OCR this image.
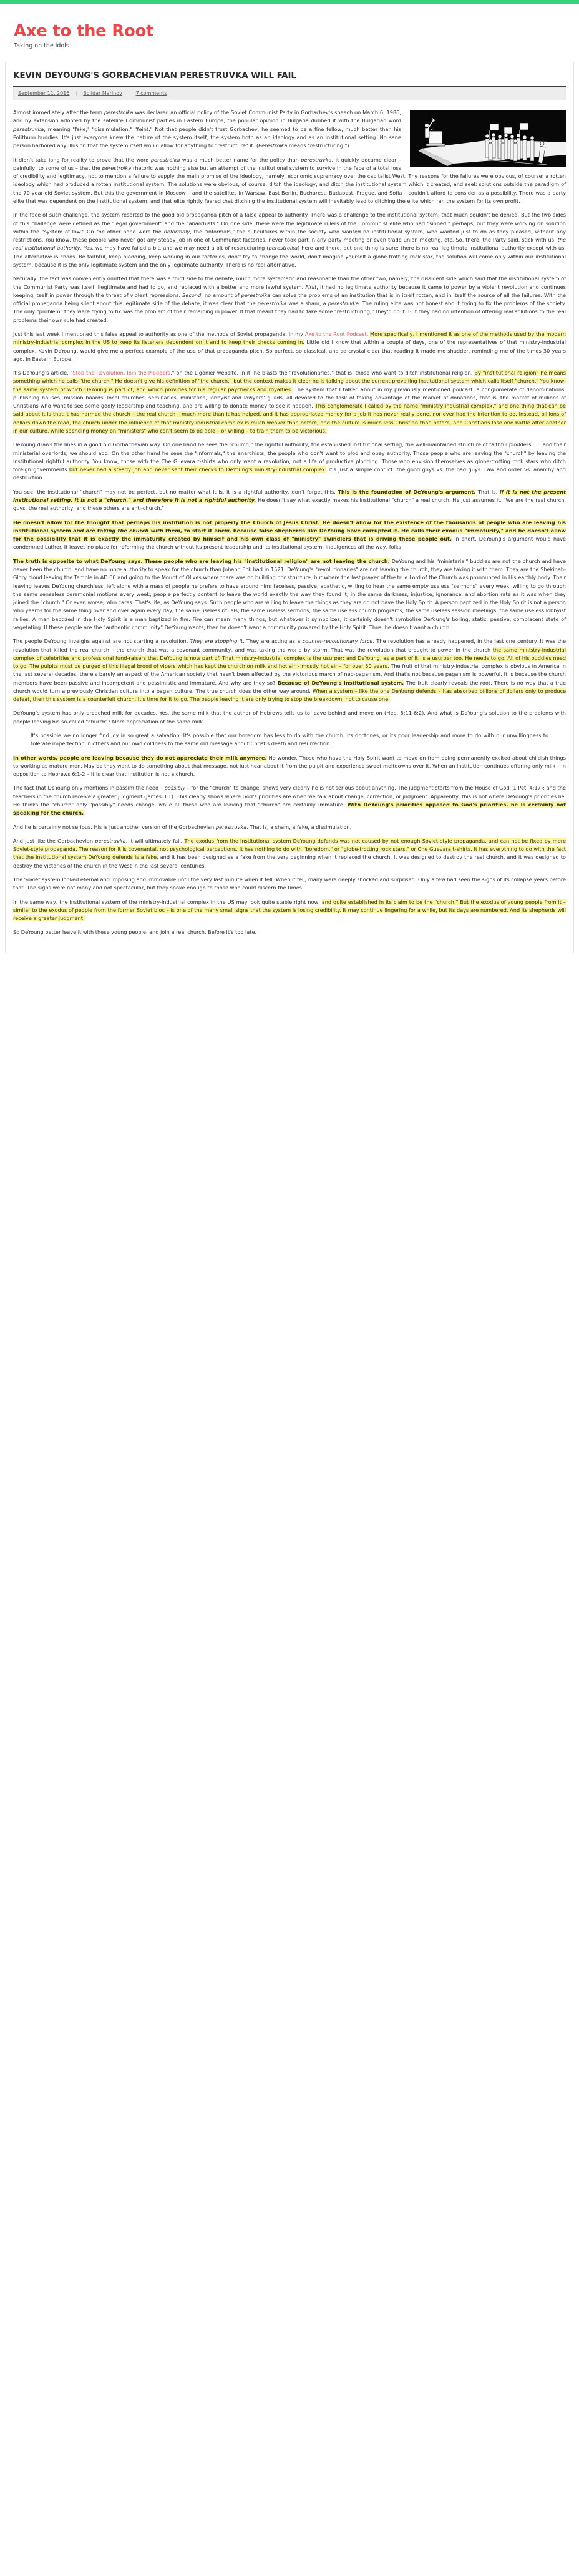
Axe to the Root

Taking on the idols

KEVIN DEYOUNG'S GORBACHEVIAN PERESTRUVKA WILL FAIL
September 11, 2016 | Bojidar Marinov | 7 comments

Almost immediately after the term perestroika was declared an official policy of the Soviet Communist Party in Gorbachev's speech on March 6, 1986, and by extension adopted by the satellite Communist parties in Eastern Europe, the popular opinion in Bulgaria dubbed it with the Bulgarian word perestruvka, meaning "fake," "dissimulation," "feint." Not that people didn't trust Gorbachev; he seemed to be a fine fellow, much better than his Politburo buddies. It's just everyone knew the nature of the system itself; the system both as an ideology and as an institutional setting. No sane person harbored any illusion that the system itself would allow for anything to "restructure" it. (Perestroika means "restructuring.")

It didn't take long for reality to prove that the word perestroika was a much better name for the policy than perestruvka. It quickly became clear – painfully, to some of us – that the perestroika rhetoric was nothing else but an attempt of the institutional system to survive in the face of a total loss of credibility and legitimacy, not to mention a failure to supply the main promise of the ideology, namely, economic supremacy over the capitalist West. The reasons for the failures were obvious, of course: a rotten ideology which had produced a rotten institutional system. The solutions were obvious, of course: ditch the ideology, and ditch the institutional system which it created, and seek solutions outside the paradigm of the 70-year-old Soviet system. But this the government in Moscow – and the satellites in Warsaw, East Berlin, Bucharest, Budapest, Prague, and Sofia – couldn't afford to consider as a possibility. There was a party elite that was dependent on the institutional system, and that elite rightly feared that ditching the institutional system will inevitably lead to ditching the elite which ran the system for its own profit.

In the face of such challenge, the system resorted to the good old propaganda pitch of a false appeal to authority. There was a challenge to the institutional system; that much couldn't be denied. But the two sides of this challenge were defined as the "legal government" and the "anarchists." On one side, there were the legitimate rulers of the Communist elite who had "sinned," perhaps, but they were working on solution within the "system of law." On the other hand were the neformaly, the "informals," the subcultures within the society who wanted no institutional system, who wanted just to do as they pleased, without any restrictions. You know, these people who never got any steady job in one of Communist factories, never took part in any party meeting or even trade union meeting, etc. So, there, the Party said, stick with us, the real institutional authority. Yes, we may have failed a bit, and we may need a bit of restructuring (perestroika) here and there, but one thing is sure: there is no real legitimate institutional authority except with us. The alternative is chaos. Be faithful, keep plodding, keep working in our factories, don't try to change the world, don't imagine yourself a globe-trotting rock star, the solution will come only within our institutional system, because it is the only legitimate system and the only legitimate authority. There is no real alternative.

Naturally, the fact was conveniently omitted that there was a third side to the debate, much more systematic and reasonable than the other two, namely, the dissident side which said that the institutional system of the Communist Party was itself illegitimate and had to go, and replaced with a better and more lawful system. First, it had no legitimate authority because it came to power by a violent revolution and continues keeping itself in power through the threat of violent repressions. Second, no amount of perestroika can solve the problems of an institution that is in itself rotten, and in itself the source of all the failures. With the official propaganda being silent about this legitimate side of the debate, it was clear that the perestroika was a sham, a perestruvka. The ruling elite was not honest about trying to fix the problems of the society. The only "problem" they were trying to fix was the problem of their remaining in power. If that meant they had to fake some "restructuring," they'd do it. But they had no intention of offering real solutions to the real problems their own rule had created.

Just this last week I mentioned this false appeal to authority as one of the methods of Soviet propaganda, in my Axe to the Root Podcast. More specifically, I mentioned it as one of the methods used by the modern ministry-industrial complex in the US to keep its listeners dependent on it and to keep their checks coming in. Little did I know that within a couple of days, one of the representatives of that ministry-industrial complex, Kevin DeYoung, would give me a perfect example of the use of that propaganda pitch. So perfect, so classical, and so crystal-clear that reading it made me shudder, reminding me of the times 30 years ago, in Eastern Europe.

It's DeYoung's article, "Stop the Revolution. Join the Plodders," on the Ligonier website. In it, he blasts the "revolutionaries," that is, those who want to ditch institutional religion. By "institutional religion" he means something which he calls "the church." He doesn't give his definition of "the church," but the context makes it clear he is talking about the current prevailing institutional system which calls itself "church." You know, the same system of which DeYoung is part of, and which provides for his regular paychecks and royalties. The system that I talked about in my previously mentioned podcast: a conglomerate of denominations, publishing houses, mission boards, local churches, seminaries, ministries, lobbyist and lawyers' guilds, all devoted to the task of taking advantage of the market of donations, that is, the market of millions of Christians who want to see some godly leadership and teaching, and are willing to donate money to see it happen. This conglomerate I called by the name "ministry-industrial complex," and one thing that can be said about it is that it has harmed the church – the real church – much more than it has helped, and it has appropriated money for a job it has never really done, nor ever had the intention to do. Instead, billions of dollars down the road, the church under the influence of that ministry-industrial complex is much weaker than before, and the culture is much less Christian than before, and Christians lose one battle after another in our culture, while spending money on "ministers" who can't seem to be able – or willing – to train them to be victorious.

DeYoung draws the lines in a good old Gorbachevian way: On one hand he sees the "church," the rightful authority, the established institutional setting, the well-maintained structure of faithful plodders . . . and their ministerial overlords, we should add. On the other hand he sees the "informals," the anarchists, the people who don't want to plod and obey authority. Those people who are leaving the "church" by leaving the institutional rightful authority. You know, those with the Che Guevara t-shirts who only want a revolution, not a life of productive plodding. Those who envision themselves as globe-trotting rock stars who ditch foreign governments but never had a steady job and never sent their checks to DeYoung's ministry-industrial complex. It's just a simple conflict: the good guys vs. the bad guys. Law and order vs. anarchy and destruction.

You see, the institutional "church" may not be perfect, but no matter what it is, it is a rightful authority, don't forget this. This is the foundation of DeYoung's argument. That is, if it is not the present institutional setting, it is not a "church," and therefore it is not a rightful authority. He doesn't say what exactly makes his institutional "church" a real church. He just assumes it. "We are the real church, guys, the real authority, and these others are anti-church."

He doesn't allow for the thought that perhaps his institution is not properly the Church of Jesus Christ. He doesn't allow for the existence of the thousands of people who are leaving his institutional system and are taking the church with them, to start it anew, because false shepherds like DeYoung have corrupted it. He calls their exodus "immaturity," and he doesn't allow for the possibility that it is exactly the immaturity created by himself and his own class of "ministry" swindlers that is driving these people out. In short, DeYoung's argument would have condemned Luther. It leaves no place for reforming the church without its present leadership and its institutional system. Indulgences all the way, folks!

The truth is opposite to what DeYoung says. These people who are leaving his "institutional religion" are not leaving the church. DeYoung and his "ministerial" buddies are not the church and have never been the church, and have no more authority to speak for the church than Johann Eck had in 1521. DeYoung's "revolutionaries" are not leaving the church, they are taking it with them. They are the Shekinah-Glory cloud leaving the Temple in AD 60 and going to the Mount of Olives where there was no building nor structure, but where the last prayer of the true Lord of the Church was pronounced in His earthly body. Their leaving leaves DeYoung churchless, left alone with a mass of people he prefers to have around him: faceless, passive, apathetic, willing to hear the same empty useless "sermons" every week, willing to go through the same senseless ceremonial motions every week, people perfectly content to leave the world exactly the way they found it, in the same darkness, injustice, ignorance, and abortion rate as it was when they joined the "church." Or even worse, who cares. That's life, as DeYoung says. Such people who are willing to leave the things as they are do not have the Holy Spirit. A person baptized in the Holy Spirit is not a person who yearns for the same thing over and over again every day, the same useless rituals, the same useless sermons, the same useless church programs, the same useless session meetings, the same useless lobbyist rallies. A man baptized in the Holy Spirit is a man baptized in fire. Fire can mean many things, but whatever it symbolizes, it certainly doesn't symbolize DeYoung's boring, static, passive, complacent state of vegetating. If these people are the "authentic community" DeYoung wants, then he doesn't want a community powered by the Holy Spirit. Thus, he doesn't want a church.

The people DeYoung inveighs against are not starting a revolution. They are stopping it. They are acting as a counter-revolutionary force. The revolution has already happened, in the last one century. It was the revolution that killed the real church – the church that was a covenant community, and was taking the world by storm. That was the revolution that brought to power in the church the same ministry-industrial complex of celebrities and professional fund-raisers that DeYoung is now part of. That ministry-industrial complex is the usurper; and DeYoung, as a part of it, is a usurper too. He needs to go. All of his buddies need to go. The pulpits must be purged of this illegal brood of vipers which has kept the church on milk and hot air – mostly hot air – for over 50 years. The fruit of that ministry-industrial complex is obvious in America in the last several decades: there's barely an aspect of the American society that hasn't been affected by the victorious march of neo-paganism. And that's not because paganism is powerful. It is because the church members have been passive and incompetent and pessimistic and immature. And why are they so? Because of DeYoung's institutional system. The fruit clearly reveals the root. There is no way that a true church would turn a previously Christian culture into a pagan culture. The true church does the other way around. When a system – like the one DeYoung defends – has absorbed billions of dollars only to produce defeat, then this system is a counterfeit church. It's time for it to go. The people leaving it are only trying to stop the breakdown, not to cause one.

DeYoung's system has only preached milk for decades. Yes, the same milk that the author of Hebrews tells us to leave behind and move on (Heb. 5:11-6:2). And what is DeYoung's solution to the problems with people leaving his so-called "church"? More appreciation of the same milk.

It's possible we no longer find joy in so great a salvation. It's possible that our boredom has less to do with the church, its doctrines, or its poor leadership and more to do with our unwillingness to tolerate imperfection in others and our own coldness to the same old message about Christ's death and resurrection.

In other words, people are leaving because they do not appreciate their milk anymore. No wonder. Those who have the Holy Spirit want to move on from being permanently excited about childish things to working as mature men. May be they want to do something about that message, not just hear about it from the pulpit and experience sweet meltdowns over it. When an institution continues offering only milk – in opposition to Hebrews 6:1-2 – it is clear that institution is not a church.

The fact that DeYoung only mentions in passim the need – possibly – for the "church" to change, shows very clearly he is not serious about anything. The judgment starts from the House of God (1 Pet. 4:17); and the teachers in the church receive a greater judgment (James 3:1). This clearly shows where God's priorities are when we talk about change, correction, or judgment. Apparently, this is not where DeYoung's priorities lie. He thinks the "church" only "possibly" needs change, while all these who are leaving that "church" are certainly immature. With DeYoung's priorities opposed to God's priorities, he is certainly not speaking for the church.

And he is certainly not serious. His is just another version of the Gorbachevian perestruvka. That is, a sham, a fake, a dissimulation.

And just like the Gorbachevian perestruvka, it will ultimately fail. The exodus from the institutional system DeYoung defends was not caused by not enough Soviet-style propaganda, and can not be fixed by more Soviet-style propaganda. The reason for it is covenantal, not psychological perceptions. It has nothing to do with "boredom," or "globe-trotting rock stars," or Che Guevara t-shirts. It has everything to do with the fact that the institutional system DeYoung defends is a fake, and it has been designed as a fake from the very beginning when it replaced the church. It was designed to destroy the real church, and it was designed to destroy the victories of the church in the West in the last several centuries.

The Soviet system looked eternal and imposing and immovable until the very last minute when it fell. When it fell, many were deeply shocked and surprised. Only a few had seen the signs of its collapse years before that. The signs were not many and not spectacular, but they spoke enough to those who could discern the times.

In the same way, the institutional system of the ministry-industrial complex in the US may look quite stable right now, and quite established in its claim to be the "church." But the exodus of young people from it – similar to the exodus of people from the former Soviet bloc – is one of the many small signs that the system is losing credibility. It may continue lingering for a while, but its days are numbered. And its shepherds will receive a greater judgment.

So DeYoung better leave it with these young people, and join a real church. Before it's too late.
